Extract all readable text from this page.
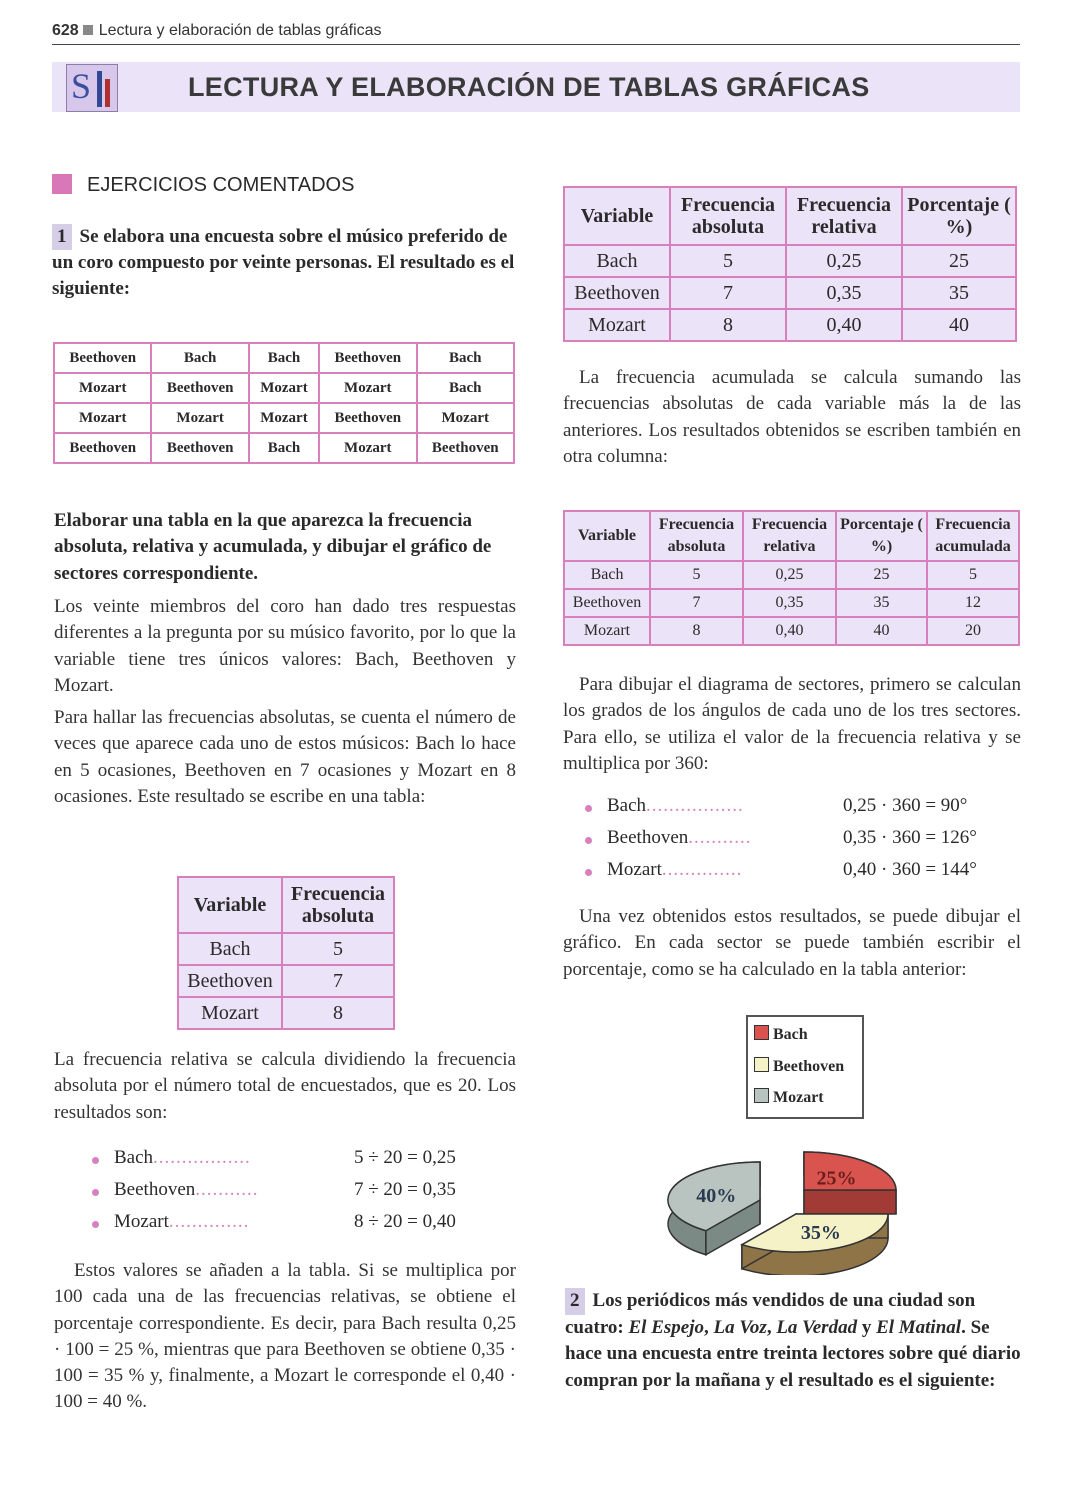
628 Lectura y elaboración de tablas gráficas
LECTURA Y ELABORACIÓN DE TABLAS GRÁFICAS
S
EJERCICIOS COMENTADOS
1 Se elabora una encuesta sobre el músico preferido de un coro compuesto por veinte personas. El resultado es el siguiente:
Beethoven	Bach	Bach	Beethoven	Bach
Mozart	Beethoven	Mozart	Mozart	Bach
Mozart	Mozart	Mozart	Beethoven	Mozart
Beethoven	Beethoven	Bach	Mozart	Beethoven
Elaborar una tabla en la que aparezca la frecuencia absoluta, relativa y acumulada, y dibujar el gráfico de sectores correspondiente.
Los veinte miembros del coro han dado tres respuestas diferentes a la pregunta por su músico favorito, por lo que la variable tiene tres únicos valores: Bach, Beethoven y Mozart.
Para hallar las frecuencias absolutas, se cuenta el número de veces que aparece cada uno de estos músicos: Bach lo hace en 5 ocasiones, Beethoven en 7 ocasiones y Mozart en 8 ocasiones. Este resultado se escribe en una tabla:
Variable	Frecuencia absoluta
Bach	5
Beethoven	7
Mozart	8
La frecuencia relativa se calcula dividiendo la frecuencia absoluta por el número total de encuestados, que es 20. Los resultados son:
Bach.................	5 ÷ 20 = 0,25
Beethoven...........	7 ÷ 20 = 0,35
Mozart..............	8 ÷ 20 = 0,40
Estos valores se añaden a la tabla. Si se multiplica por 100 cada una de las frecuencias relativas, se obtiene el porcentaje correspondiente. Es decir, para Bach resulta 0,25 · 100 = 25 %, mientras que para Beethoven se obtiene 0,35 · 100 = 35 % y, finalmente, a Mozart le corresponde el 0,40 · 100 = 40 %.
Variable	Frecuencia absoluta	Frecuencia relativa	Porcentaje ( %)
Bach	5	0,25	25
Beethoven	7	0,35	35
Mozart	8	0,40	40
La frecuencia acumulada se calcula sumando las frecuencias absolutas de cada variable más la de las anteriores. Los resultados obtenidos se escriben también en otra columna:
Variable	Frecuencia absoluta	Frecuencia relativa	Porcentaje ( %)	Frecuencia acumulada
Bach	5	0,25	25	5
Beethoven	7	0,35	35	12
Mozart	8	0,40	40	20
Para dibujar el diagrama de sectores, primero se calculan los grados de los ángulos de cada uno de los tres sectores. Para ello, se utiliza el valor de la frecuencia relativa y se multiplica por 360:
Bach.................	0,25 · 360 = 90°
Beethoven...........	0,35 · 360 = 126°
Mozart..............	0,40 · 360 = 144°
Una vez obtenidos estos resultados, se puede dibujar el gráfico. En cada sector se puede también escribir el porcentaje, como se ha calculado en la tabla anterior:
Bach
Beethoven
Mozart
25%
35%
40%
2 Los periódicos más vendidos de una ciudad son cuatro: El Espejo, La Voz, La Verdad y El Matinal. Se hace una encuesta entre treinta lectores sobre qué diario compran por la mañana y el resultado es el siguiente:
